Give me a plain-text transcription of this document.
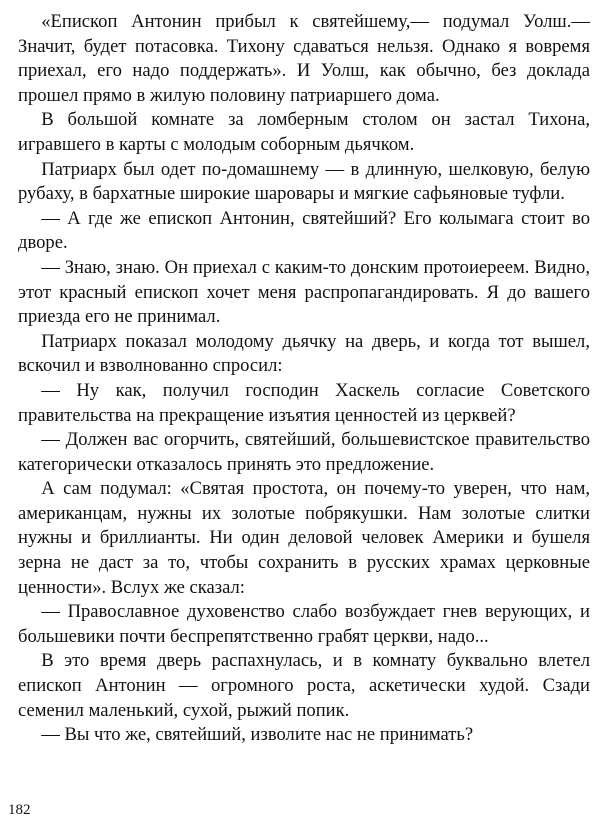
«Епископ Антонин прибыл к святейшему,— подумал Уолш.— Значит, будет потасовка. Тихону сдаваться нельзя. Однако я вовремя приехал, его надо поддержать». И Уолш, как обычно, без доклада прошел прямо в жилую половину патриаршего дома.

В большой комнате за ломберным столом он застал Тихона, игравшего в карты с молодым соборным дьячком.

Патриарх был одет по-домашнему — в длинную, шелковую, белую рубаху, в бархатные широкие шаровары и мягкие сафьяновые туфли.

— А где же епископ Антонин, святейший? Его колымага стоит во дворе.

— Знаю, знаю. Он приехал с каким-то донским протоиереем. Видно, этот красный епископ хочет меня распропагандировать. Я до вашего приезда его не принимал.

Патриарх показал молодому дьячку на дверь, и когда тот вышел, вскочил и взволнованно спросил:

— Ну как, получил господин Хаскель согласие Советского правительства на прекращение изъятия ценностей из церквей?

— Должен вас огорчить, святейший, большевистское правительство категорически отказалось принять это предложение.

А сам подумал: «Святая простота, он почему-то уверен, что нам, американцам, нужны их золотые побрякушки. Нам золотые слитки нужны и бриллианты. Ни один деловой человек Америки и бушеля зерна не даст за то, чтобы сохранить в русских храмах церковные ценности». Вслух же сказал:

— Православное духовенство слабо возбуждает гнев верующих, и большевики почти беспрепятственно грабят церкви, надо...

В это время дверь распахнулась, и в комнату буквально влетел епископ Антонин — огромного роста, аскетически худой. Сзади семенил маленький, сухой, рыжий попик.

— Вы что же, святейший, изволите нас не принимать?

182
